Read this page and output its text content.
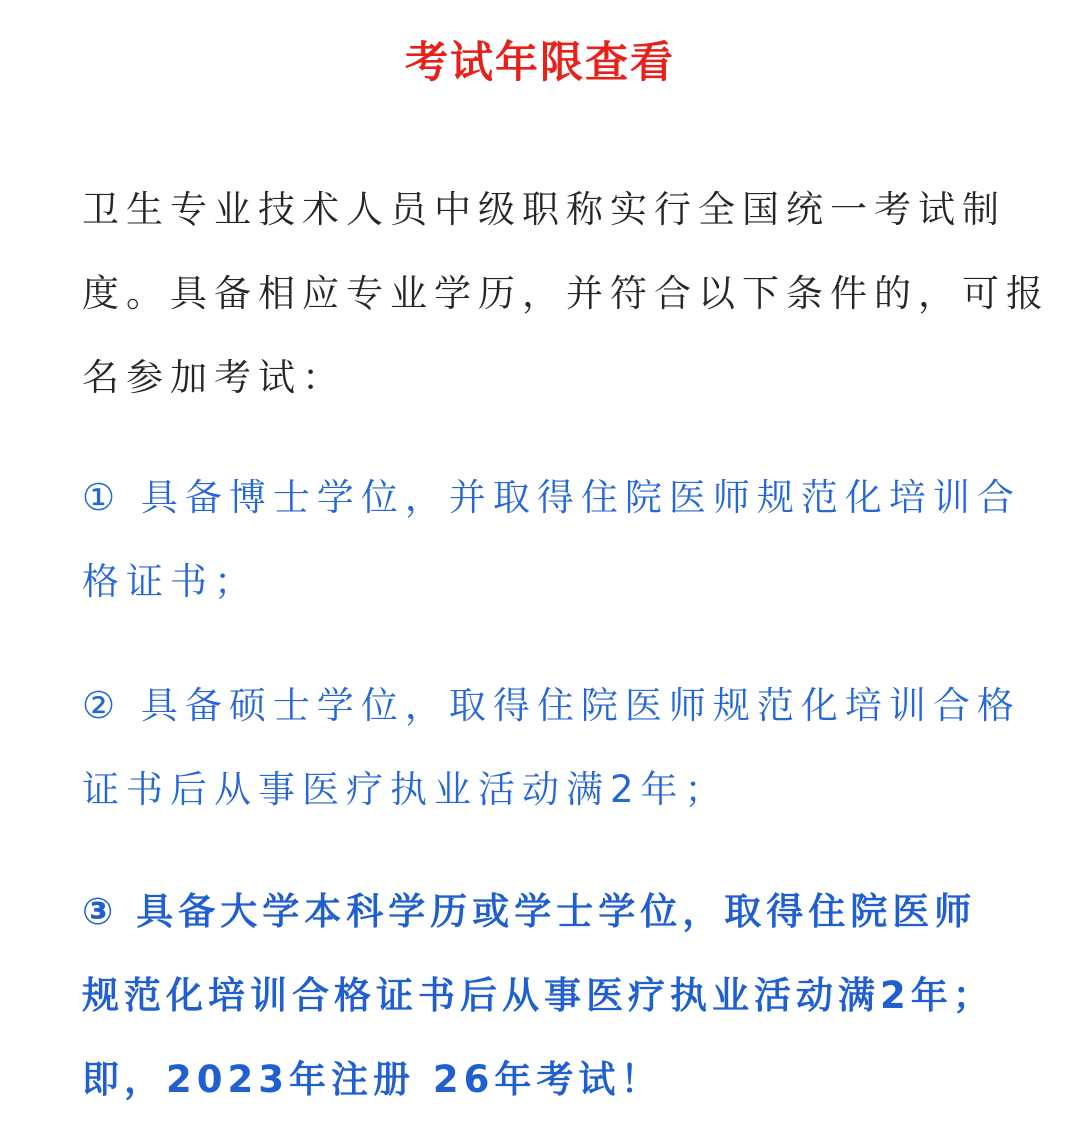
考试年限查看
卫生专业技术人员中级职称实行全国统一考试制
度。具备相应专业学历，并符合以下条件的，可报
名参加考试：
① 具备博士学位，并取得住院医师规范化培训合
格证书；
② 具备硕士学位，取得住院医师规范化培训合格
证书后从事医疗执业活动满2年；
③ 具备大学本科学历或学士学位，取得住院医师
规范化培训合格证书后从事医疗执业活动满2年；
即，2023年注册 26年考试！
